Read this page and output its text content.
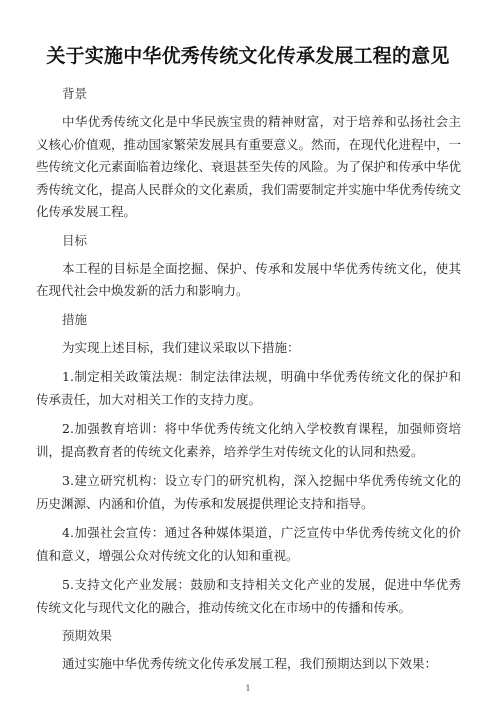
关于实施中华优秀传统文化传承发展工程的意见

背景

中华优秀传统文化是中华民族宝贵的精神财富，对于培养和弘扬社会主义核心价值观，推动国家繁荣发展具有重要意义。然而，在现代化进程中，一些传统文化元素面临着边缘化、衰退甚至失传的风险。为了保护和传承中华优秀传统文化，提高人民群众的文化素质，我们需要制定并实施中华优秀传统文化传承发展工程。

目标

本工程的目标是全面挖掘、保护、传承和发展中华优秀传统文化，使其在现代社会中焕发新的活力和影响力。

措施

为实现上述目标，我们建议采取以下措施：

1.制定相关政策法规：制定法律法规，明确中华优秀传统文化的保护和传承责任，加大对相关工作的支持力度。

2.加强教育培训：将中华优秀传统文化纳入学校教育课程，加强师资培训，提高教育者的传统文化素养，培养学生对传统文化的认同和热爱。

3.建立研究机构：设立专门的研究机构，深入挖掘中华优秀传统文化的历史渊源、内涵和价值，为传承和发展提供理论支持和指导。

4.加强社会宣传：通过各种媒体渠道，广泛宣传中华优秀传统文化的价值和意义，增强公众对传统文化的认知和重视。

5.支持文化产业发展：鼓励和支持相关文化产业的发展，促进中华优秀传统文化与现代文化的融合，推动传统文化在市场中的传播和传承。

预期效果

通过实施中华优秀传统文化传承发展工程，我们预期达到以下效果：

1
